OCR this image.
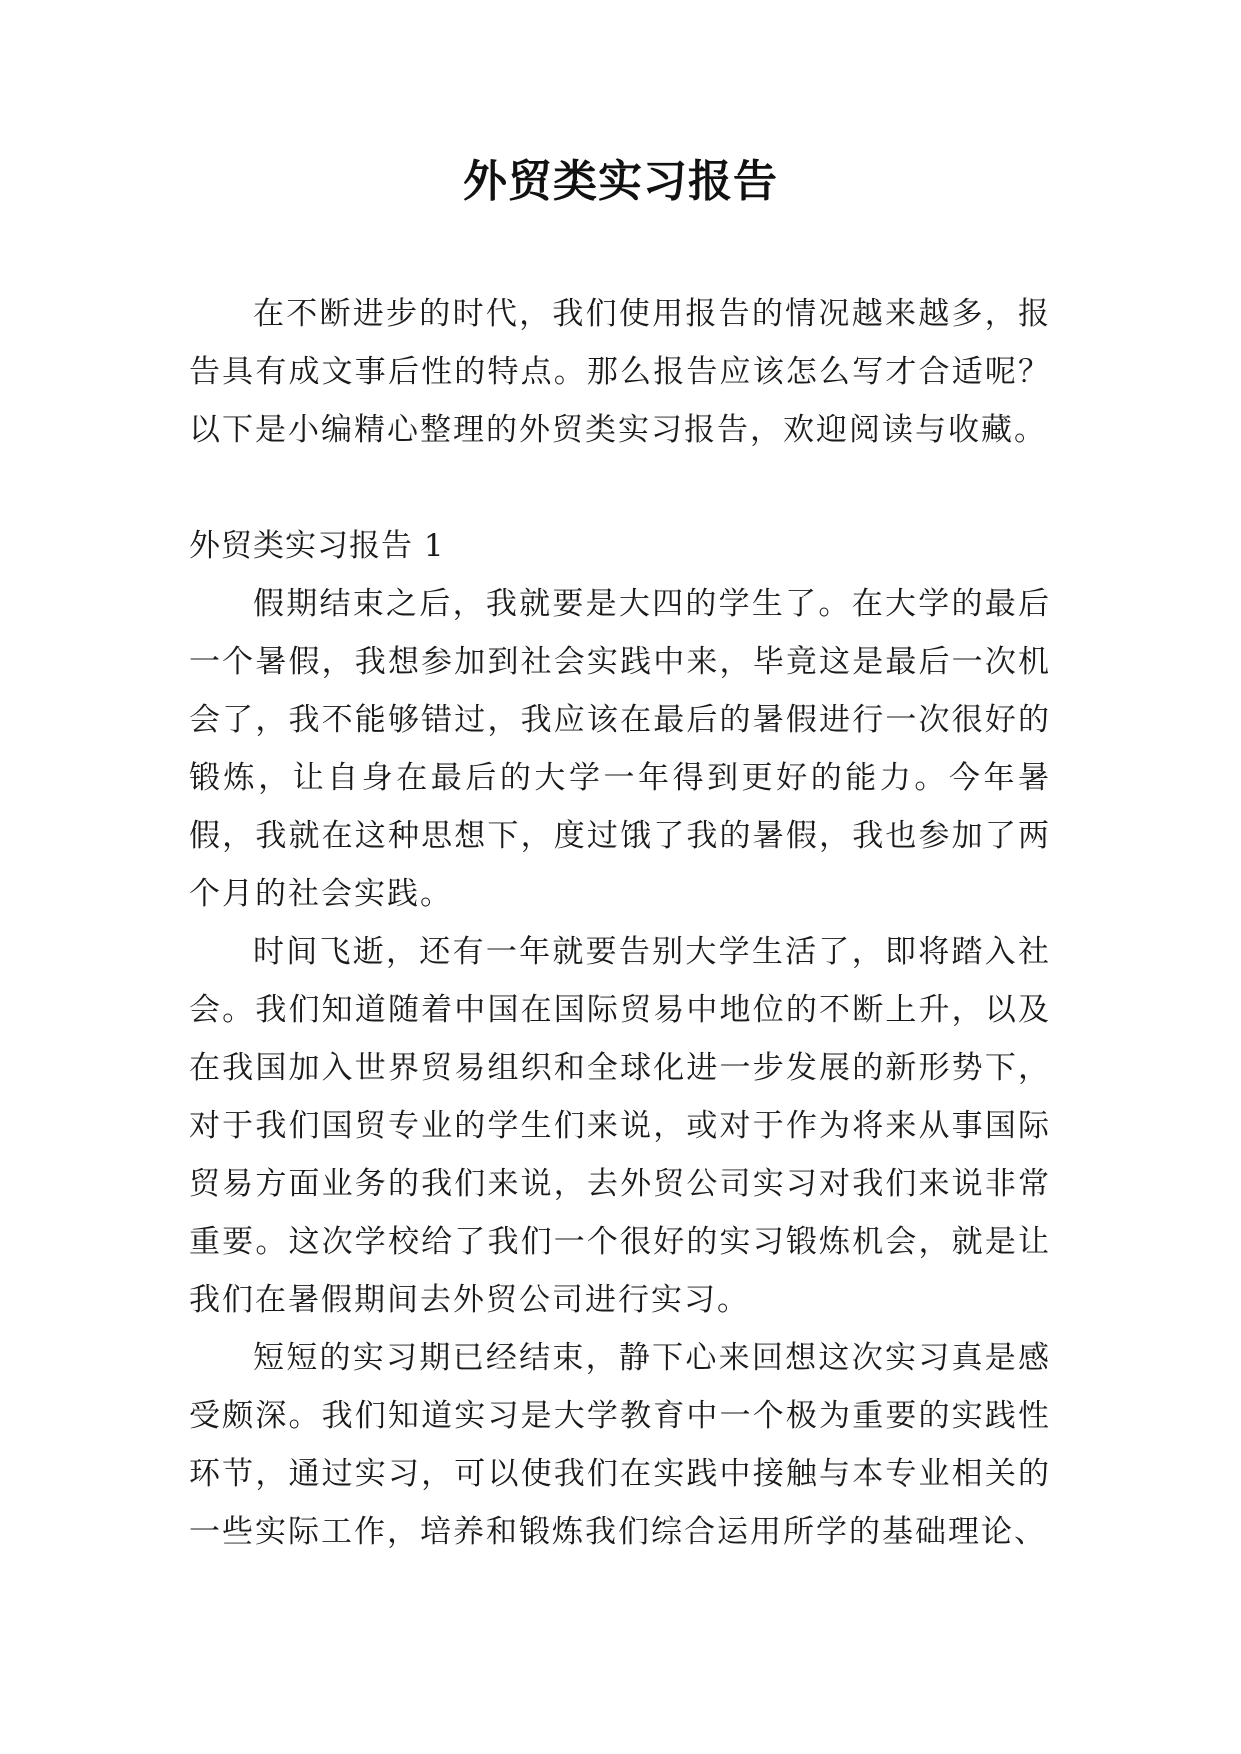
外贸类实习报告

在不断进步的时代，我们使用报告的情况越来越多，报告具有成文事后性的特点。那么报告应该怎么写才合适呢？以下是小编精心整理的外贸类实习报告，欢迎阅读与收藏。

外贸类实习报告 1

假期结束之后，我就要是大四的学生了。在大学的最后一个暑假，我想参加到社会实践中来，毕竟这是最后一次机会了，我不能够错过，我应该在最后的暑假进行一次很好的锻炼，让自身在最后的大学一年得到更好的能力。今年暑假，我就在这种思想下，度过饿了我的暑假，我也参加了两个月的社会实践。

时间飞逝，还有一年就要告别大学生活了，即将踏入社会。我们知道随着中国在国际贸易中地位的不断上升，以及在我国加入世界贸易组织和全球化进一步发展的新形势下，对于我们国贸专业的学生们来说，或对于作为将来从事国际贸易方面业务的我们来说，去外贸公司实习对我们来说非常重要。这次学校给了我们一个很好的实习锻炼机会，就是让我们在暑假期间去外贸公司进行实习。

短短的实习期已经结束，静下心来回想这次实习真是感受颇深。我们知道实习是大学教育中一个极为重要的实践性环节，通过实习，可以使我们在实践中接触与本专业相关的一些实际工作，培养和锻炼我们综合运用所学的基础理论、
